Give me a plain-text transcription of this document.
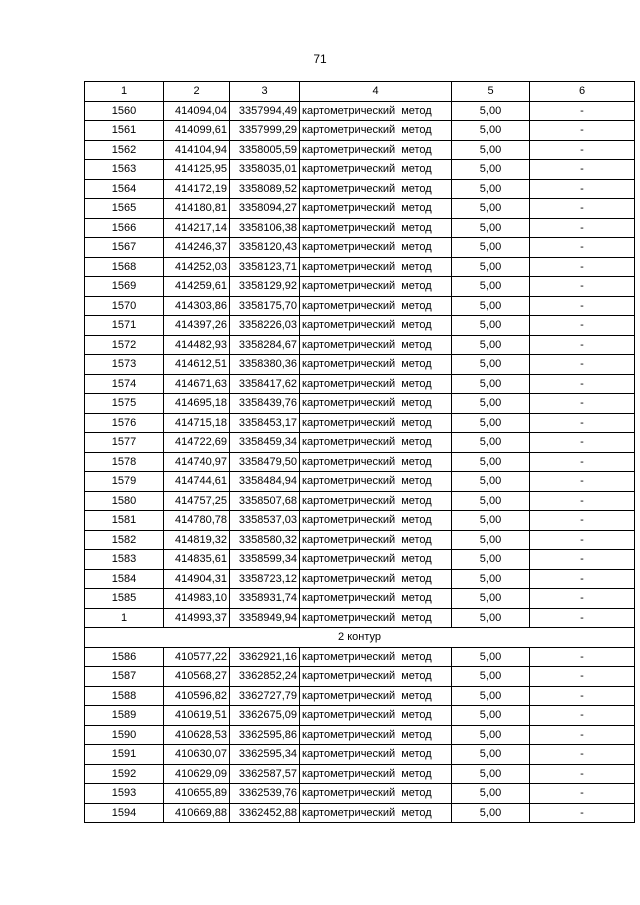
71
1	2	3	4	5	6
1560	414094,04	3357994,49	картометрический метод	5,00	-
1561	414099,61	3357999,29	картометрический метод	5,00	-
1562	414104,94	3358005,59	картометрический метод	5,00	-
1563	414125,95	3358035,01	картометрический метод	5,00	-
1564	414172,19	3358089,52	картометрический метод	5,00	-
1565	414180,81	3358094,27	картометрический метод	5,00	-
1566	414217,14	3358106,38	картометрический метод	5,00	-
1567	414246,37	3358120,43	картометрический метод	5,00	-
1568	414252,03	3358123,71	картометрический метод	5,00	-
1569	414259,61	3358129,92	картометрический метод	5,00	-
1570	414303,86	3358175,70	картометрический метод	5,00	-
1571	414397,26	3358226,03	картометрический метод	5,00	-
1572	414482,93	3358284,67	картометрический метод	5,00	-
1573	414612,51	3358380,36	картометрический метод	5,00	-
1574	414671,63	3358417,62	картометрический метод	5,00	-
1575	414695,18	3358439,76	картометрический метод	5,00	-
1576	414715,18	3358453,17	картометрический метод	5,00	-
1577	414722,69	3358459,34	картометрический метод	5,00	-
1578	414740,97	3358479,50	картометрический метод	5,00	-
1579	414744,61	3358484,94	картометрический метод	5,00	-
1580	414757,25	3358507,68	картометрический метод	5,00	-
1581	414780,78	3358537,03	картометрический метод	5,00	-
1582	414819,32	3358580,32	картометрический метод	5,00	-
1583	414835,61	3358599,34	картометрический метод	5,00	-
1584	414904,31	3358723,12	картометрический метод	5,00	-
1585	414983,10	3358931,74	картометрический метод	5,00	-
1	414993,37	3358949,94	картометрический метод	5,00	-
2 контур					
1586	410577,22	3362921,16	картометрический метод	5,00	-
1587	410568,27	3362852,24	картометрический метод	5,00	-
1588	410596,82	3362727,79	картометрический метод	5,00	-
1589	410619,51	3362675,09	картометрический метод	5,00	-
1590	410628,53	3362595,86	картометрический метод	5,00	-
1591	410630,07	3362595,34	картометрический метод	5,00	-
1592	410629,09	3362587,57	картометрический метод	5,00	-
1593	410655,89	3362539,76	картометрический метод	5,00	-
1594	410669,88	3362452,88	картометрический метод	5,00	-
